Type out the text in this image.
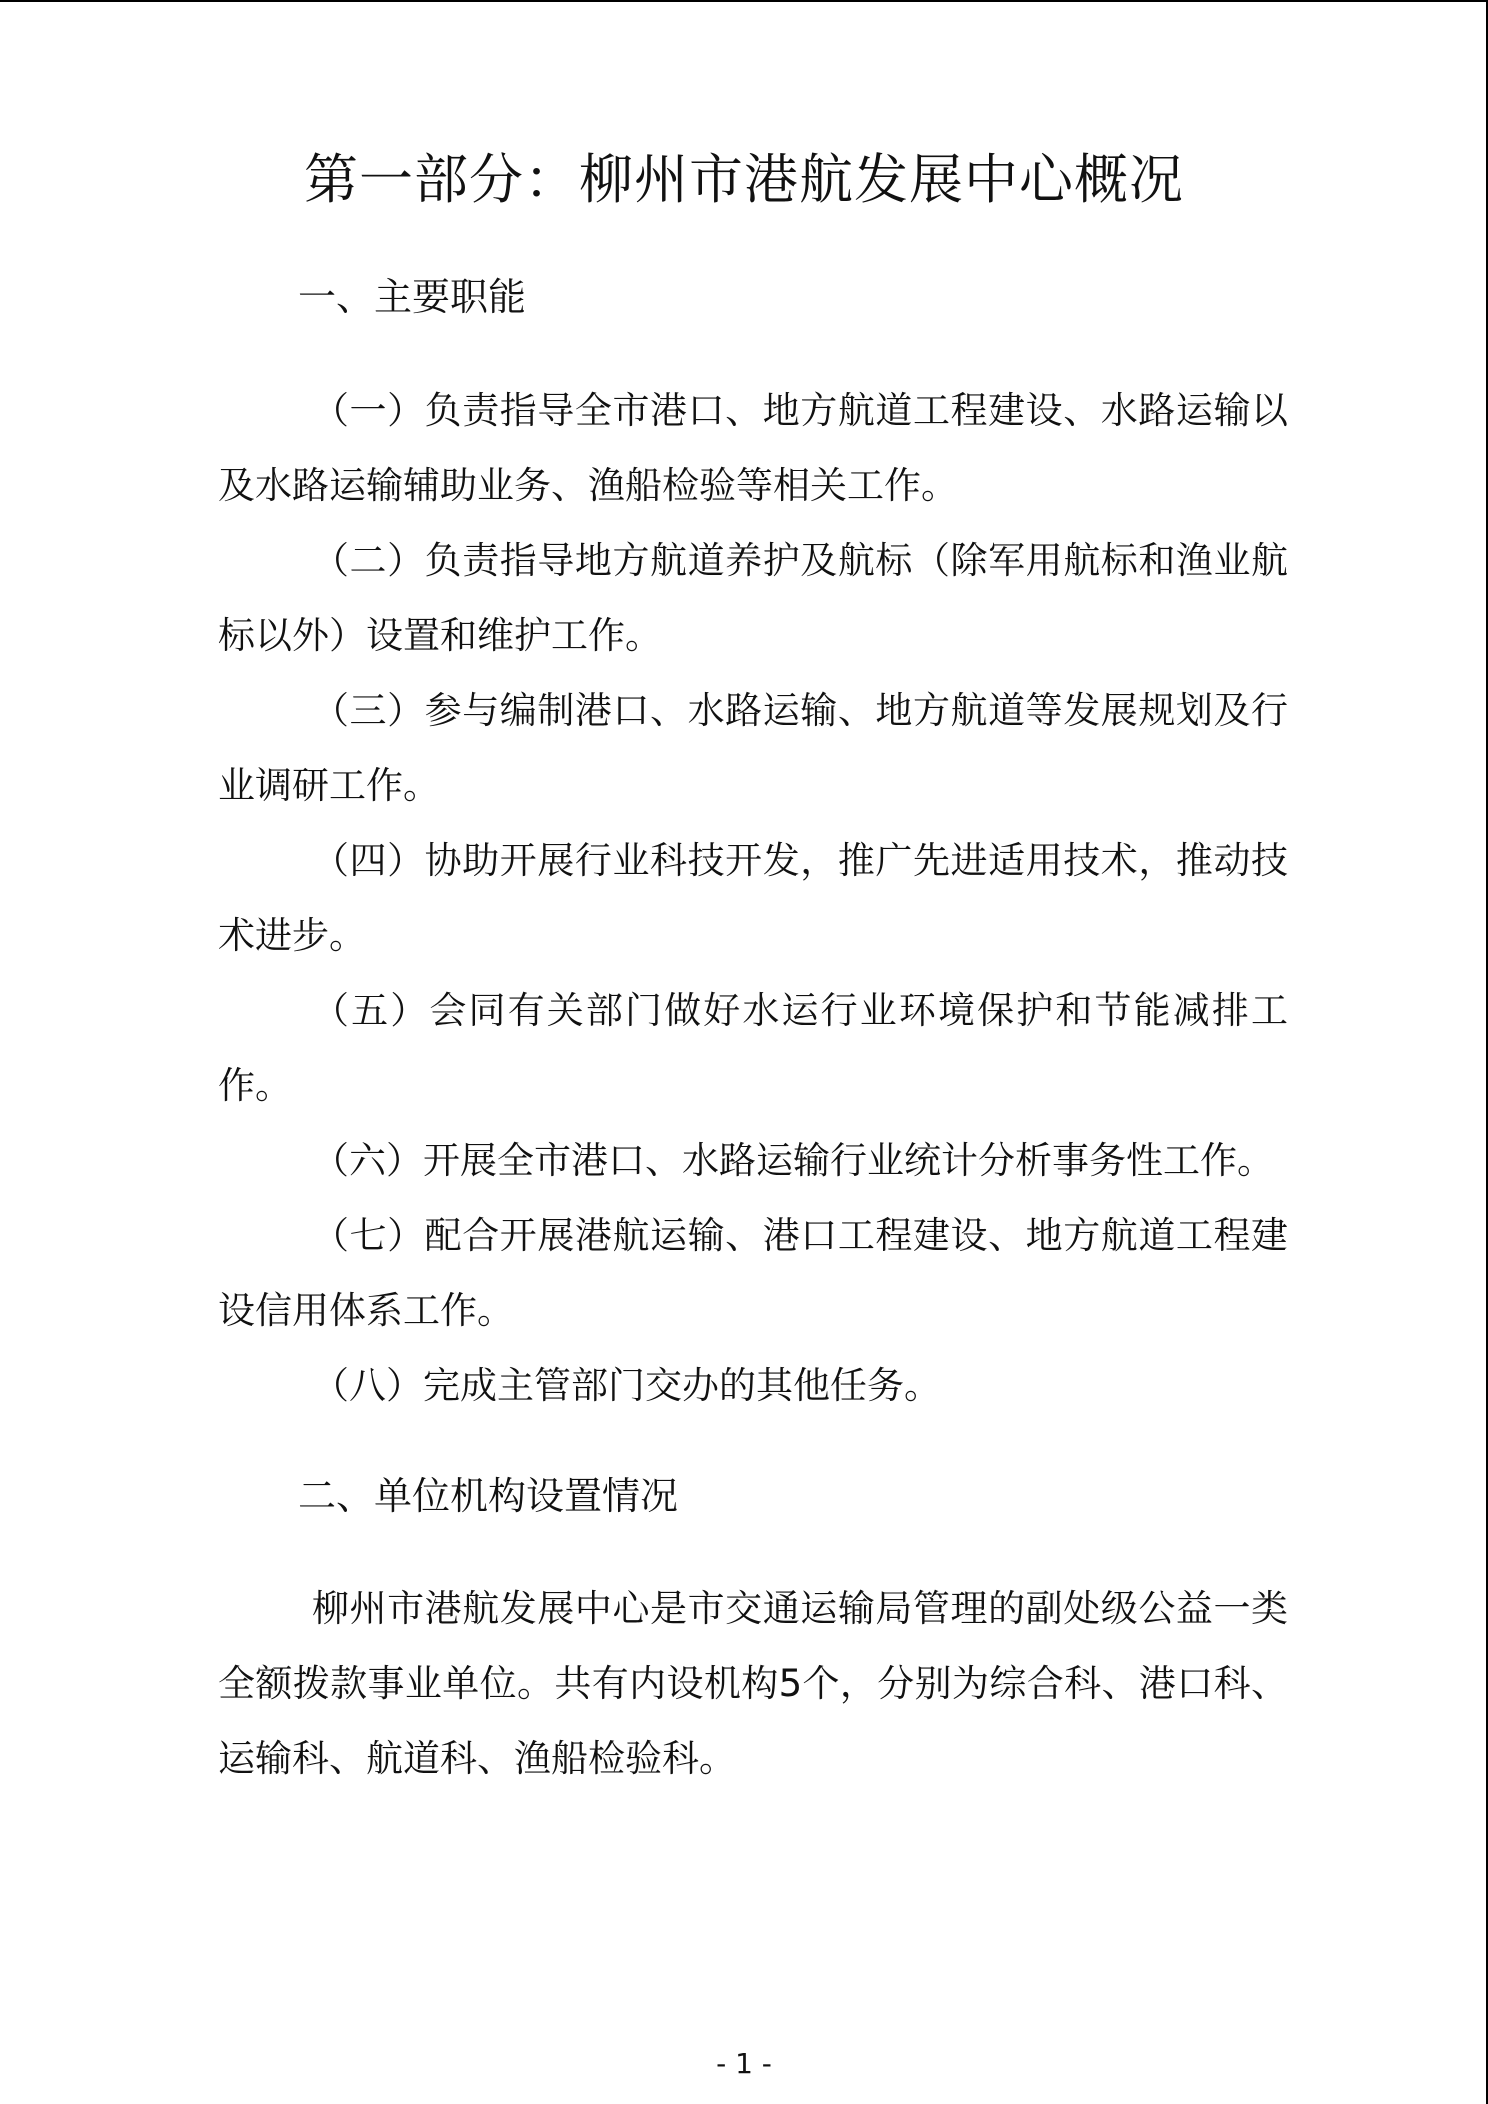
第一部分：柳州市港航发展中心概况
一、主要职能

（一）负责指导全市港口、地方航道工程建设、水路运输以及水路运输辅助业务、渔船检验等相关工作。

（二）负责指导地方航道养护及航标（除军用航标和渔业航标以外）设置和维护工作。

（三）参与编制港口、水路运输、地方航道等发展规划及行业调研工作。

（四）协助开展行业科技开发，推广先进适用技术，推动技术进步。

（五）会同有关部门做好水运行业环境保护和节能减排工作。

（六）开展全市港口、水路运输行业统计分析事务性工作。

（七）配合开展港航运输、港口工程建设、地方航道工程建设信用体系工作。

（八）完成主管部门交办的其他任务。

二、单位机构设置情况

柳州市港航发展中心是市交通运输局管理的副处级公益一类全额拨款事业单位。共有内设机构5个，分别为综合科、港口科、运输科、航道科、渔船检验科。

- 1 -
